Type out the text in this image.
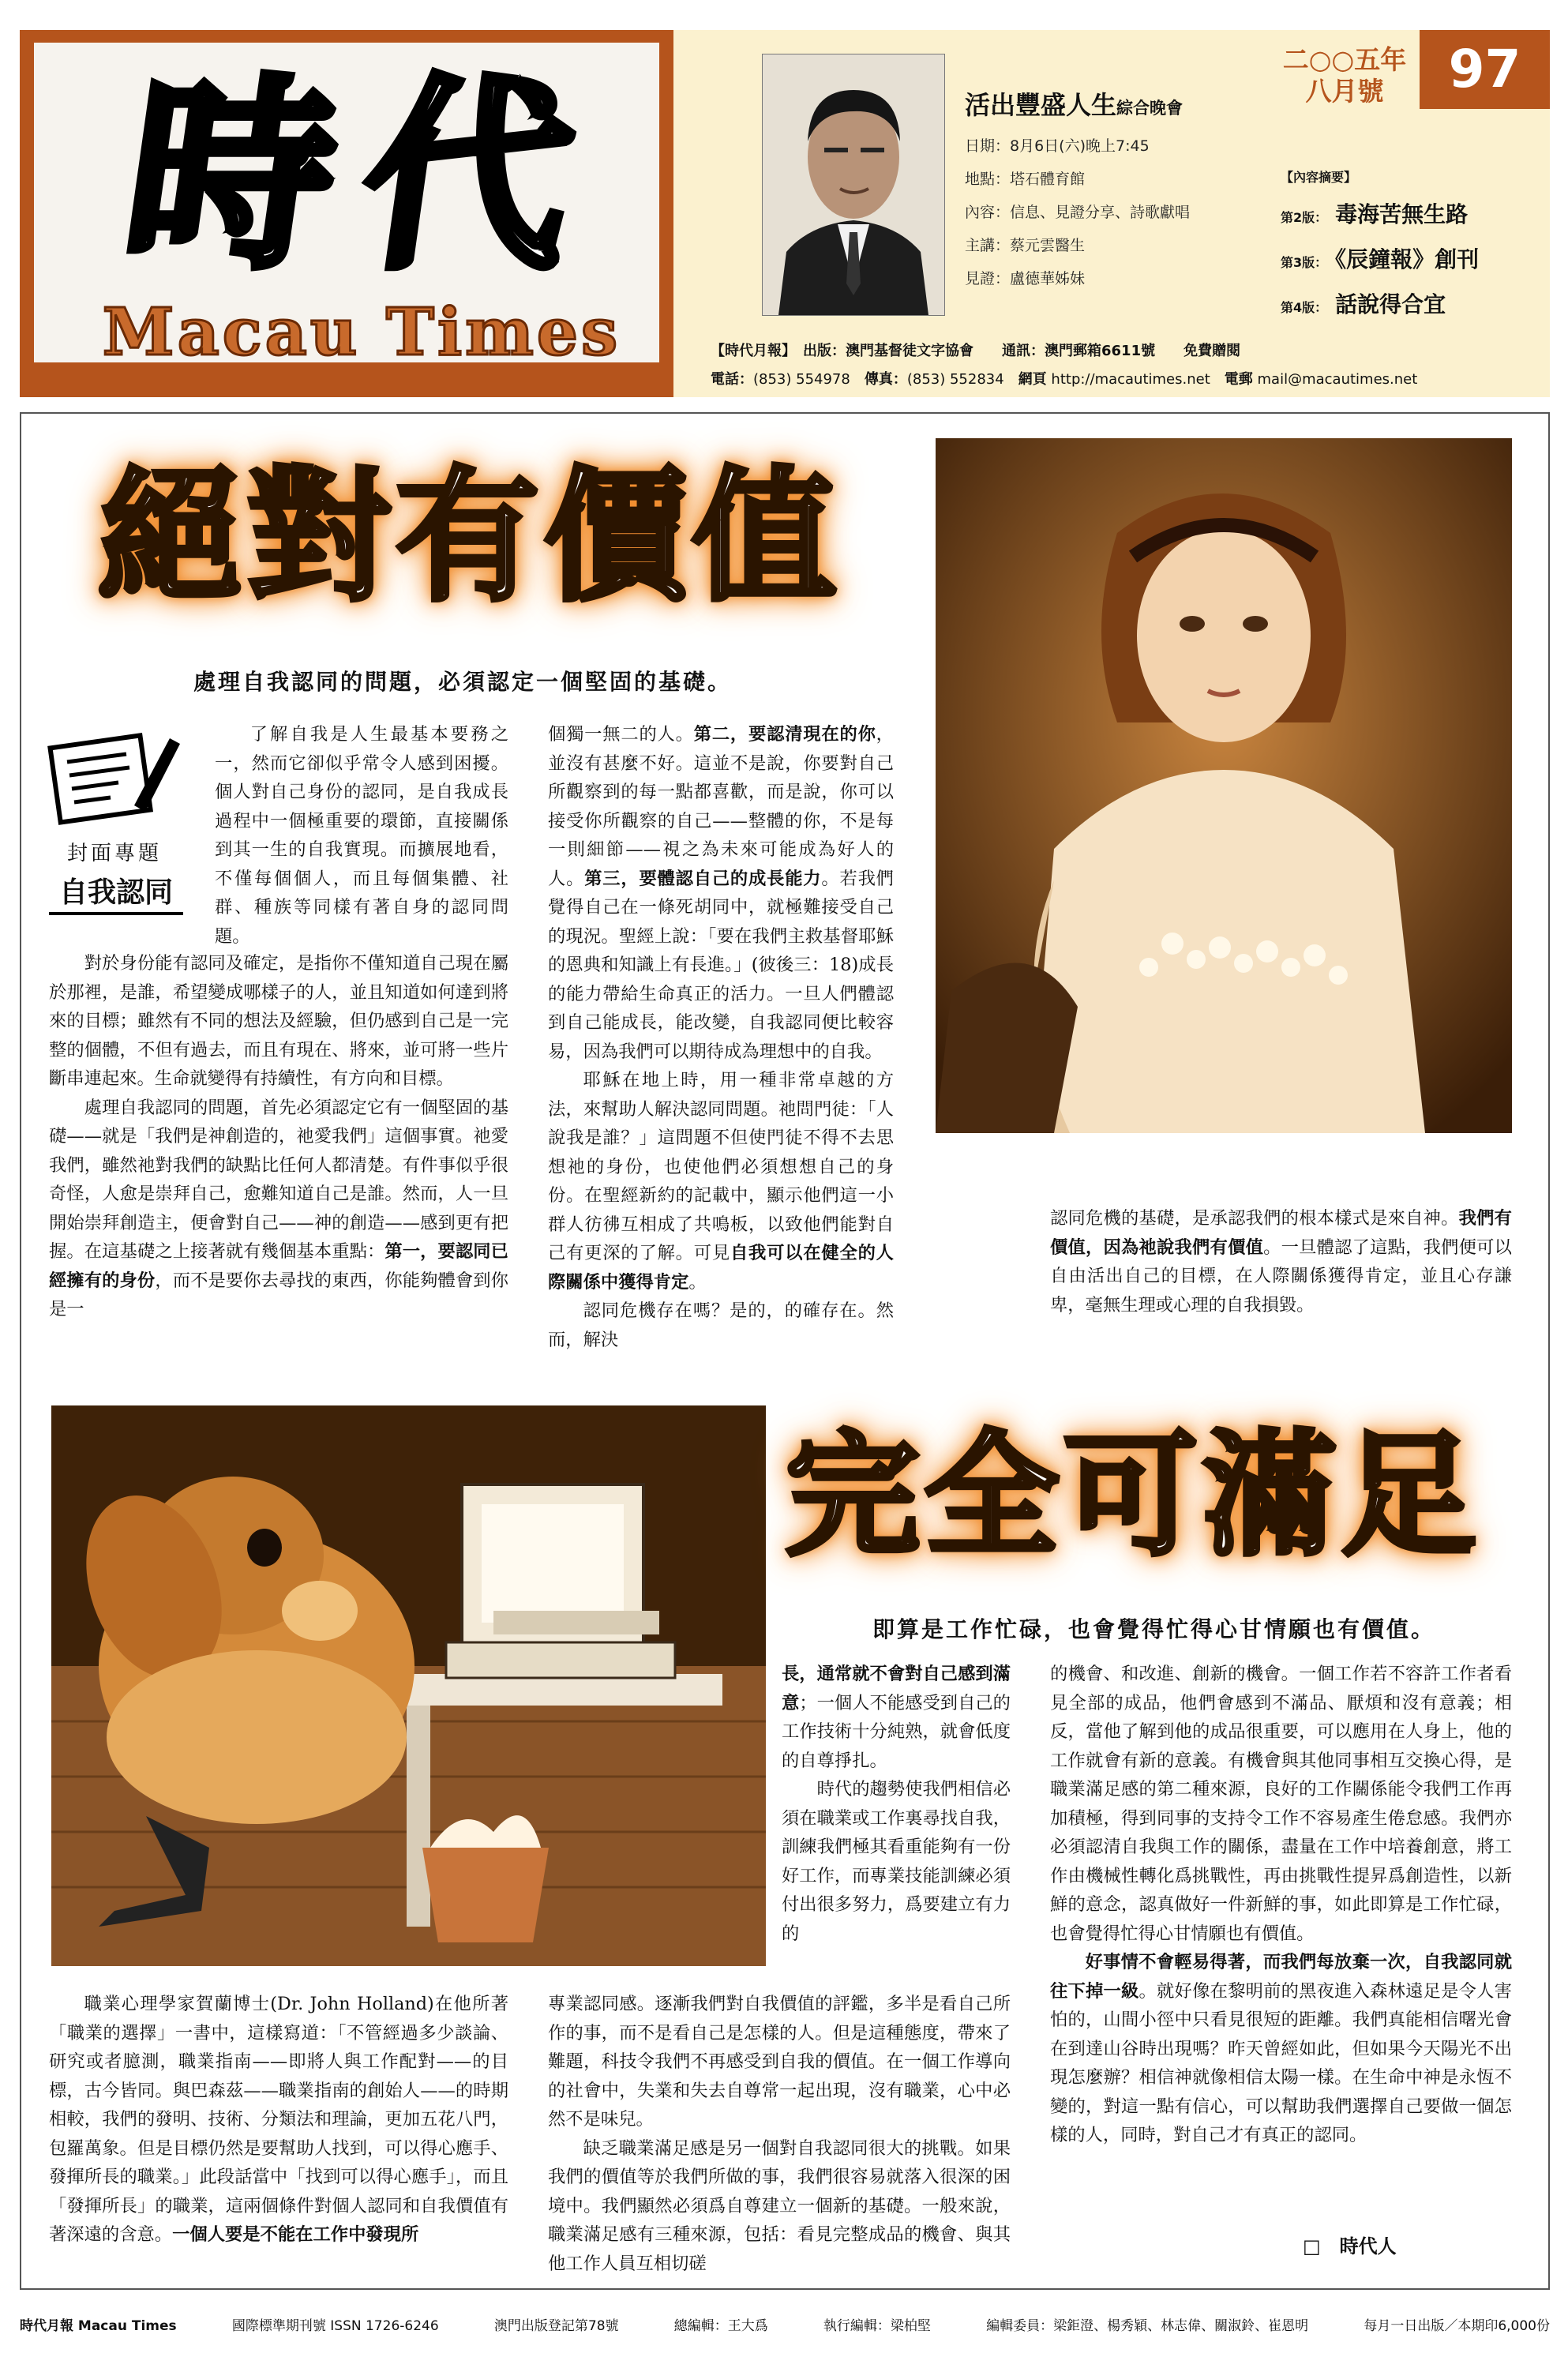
時代
Macau Times
活出豐盛人生綜合晚會
日期：8月6日(六)晚上7:45
地點：塔石體育館
內容：信息、見證分享、詩歌獻唱
主講：蔡元雲醫生
見證：盧德華姊妹
二○○五年
八月號	97
【內容摘要】
第2版： 毒海苦無生路
第3版： 《辰鐘報》創刊
第4版： 話說得合宜
【時代月報】　出版：澳門基督徒文字協會　　通訊：澳門郵箱6611號　　免費贈閱
電話：(853) 554978　 傳真：(853) 552834　 網頁 http://macautimes.net　 電郵 mail@macautimes.net
絕對有價值
處理自我認同的問題，必須認定一個堅固的基礎。
封面專題
自我認同

了解自我是人生最基本要務之一，然而它卻似乎常令人感到困擾。個人對自己身份的認同，是自我成長過程中一個極重要的環節，直接關係到其一生的自我實現。而擴展地看，不僅每個個人，而且每個集體、社群、種族等同樣有著自身的認同問題。

對於身份能有認同及確定，是指你不僅知道自己現在屬於那裡，是誰，希望變成哪樣子的人，並且知道如何達到將來的目標；雖然有不同的想法及經驗，但仍感到自己是一完整的個體，不但有過去，而且有現在、將來，並可將一些片斷串連起來。生命就變得有持續性，有方向和目標。

處理自我認同的問題，首先必須認定它有一個堅固的基礎——就是「我們是神創造的，祂愛我們」這個事實。祂愛我們，雖然祂對我們的缺點比任何人都清楚。有件事似乎很奇怪，人愈是崇拜自己，愈難知道自己是誰。然而，人一旦開始崇拜創造主，便會對自己——神的創造——感到更有把握。在這基礎之上接著就有幾個基本重點：第一，要認同已經擁有的身份，而不是要你去尋找的東西，你能夠體會到你是一

個獨一無二的人。第二，要認清現在的你，並沒有甚麼不好。這並不是說，你要對自己所觀察到的每一點都喜歡，而是說，你可以接受你所觀察的自己——整體的你，不是每一則細節——視之為未來可能成為好人的人。第三，要體認自己的成長能力。若我們覺得自己在一條死胡同中，就極難接受自己的現況。聖經上說：「要在我們主救基督耶穌的恩典和知識上有長進。」(彼後三：18)成長的能力帶給生命真正的活力。一旦人們體認到自己能成長，能改變，自我認同便比較容易，因為我們可以期待成為理想中的自我。

耶穌在地上時，用一種非常卓越的方法，來幫助人解決認同問題。祂問門徒：「人說我是誰？」這問題不但使門徒不得不去思想祂的身份，也使他們必須想想自己的身份。在聖經新約的記載中，顯示他們這一小群人彷彿互相成了共鳴板，以致他們能對自己有更深的了解。可見自我可以在健全的人際關係中獲得肯定。

認同危機存在嗎？是的，的確存在。然而，解決

認同危機的基礎，是承認我們的根本樣式是來自神。我們有價值，因為祂說我們有價值。一旦體認了這點，我們便可以自由活出自己的目標，在人際關係獲得肯定，並且心存謙卑，毫無生理或心理的自我損毀。

完全可滿足
即算是工作忙碌，也會覺得忙得心甘情願也有價值。

長，通常就不會對自己感到滿意；一個人不能感受到自己的工作技術十分純熟，就會低度的自尊掙扎。

時代的趨勢使我們相信必須在職業或工作裏尋找自我，訓練我們極其看重能夠有一份好工作，而專業技能訓練必須付出很多努力，爲要建立有力的

的機會、和改進、創新的機會。一個工作若不容許工作者看見全部的成品，他們會感到不滿品、厭煩和沒有意義；相反，當他了解到他的成品很重要，可以應用在人身上，他的工作就會有新的意義。有機會與其他同事相互交換心得，是職業滿足感的第二種來源，良好的工作關係能令我們工作再加積極，得到同事的支持令工作不容易產生倦怠感。我們亦必須認清自我與工作的關係，盡量在工作中培養創意，將工作由機械性轉化爲挑戰性，再由挑戰性提昇爲創造性，以新鮮的意念，認真做好一件新鮮的事，如此即算是工作忙碌，也會覺得忙得心甘情願也有價值。

好事情不會輕易得著，而我們每放棄一次，自我認同就往下掉一級。就好像在黎明前的黑夜進入森林遠足是令人害怕的，山間小徑中只看見很短的距離。我們真能相信曙光會在到達山谷時出現嗎？昨天曾經如此，但如果今天陽光不出現怎麼辦？相信神就像相信太陽一樣。在生命中神是永恆不變的，對這一點有信心，可以幫助我們選擇自己要做一個怎樣的人，同時，對自己才有真正的認同。

職業心理學家賀蘭博士(Dr. John Holland)在他所著「職業的選擇」一書中，這樣寫道：「不管經過多少談論、研究或者臆測，職業指南——即將人與工作配對——的目標，古今皆同。與巴森茲——職業指南的創始人——的時期相較，我們的發明、技術、分類法和理論，更加五花八門，包羅萬象。但是目標仍然是要幫助人找到，可以得心應手、發揮所長的職業。」此段話當中「找到可以得心應手」，而且「發揮所長」的職業，這兩個條件對個人認同和自我價值有著深遠的含意。一個人要是不能在工作中發現所

專業認同感。逐漸我們對自我價值的評鑑，多半是看自己所作的事，而不是看自己是怎樣的人。但是這種態度，帶來了難題，科技令我們不再感受到自我的價值。在一個工作導向的社會中，失業和失去自尊常一起出現，沒有職業，心中必然不是味兒。

缺乏職業滿足感是另一個對自我認同很大的挑戰。如果我們的價值等於我們所做的事，我們很容易就落入很深的困境中。我們顯然必須爲自尊建立一個新的基礎。一般來說，職業滿足感有三種來源，包括：看見完整成品的機會、與其他工作人員互相切磋

□　時代人
時代月報 Macau Times	國際標準期刊號 ISSN 1726-6246	澳門出版登記第78號	總編輯：王大爲	執行編輯：梁柏堅	編輯委員：梁鉅澄、楊秀穎、林志偉、關淑鈴、崔恩明	每月一日出版／本期印6,000份
